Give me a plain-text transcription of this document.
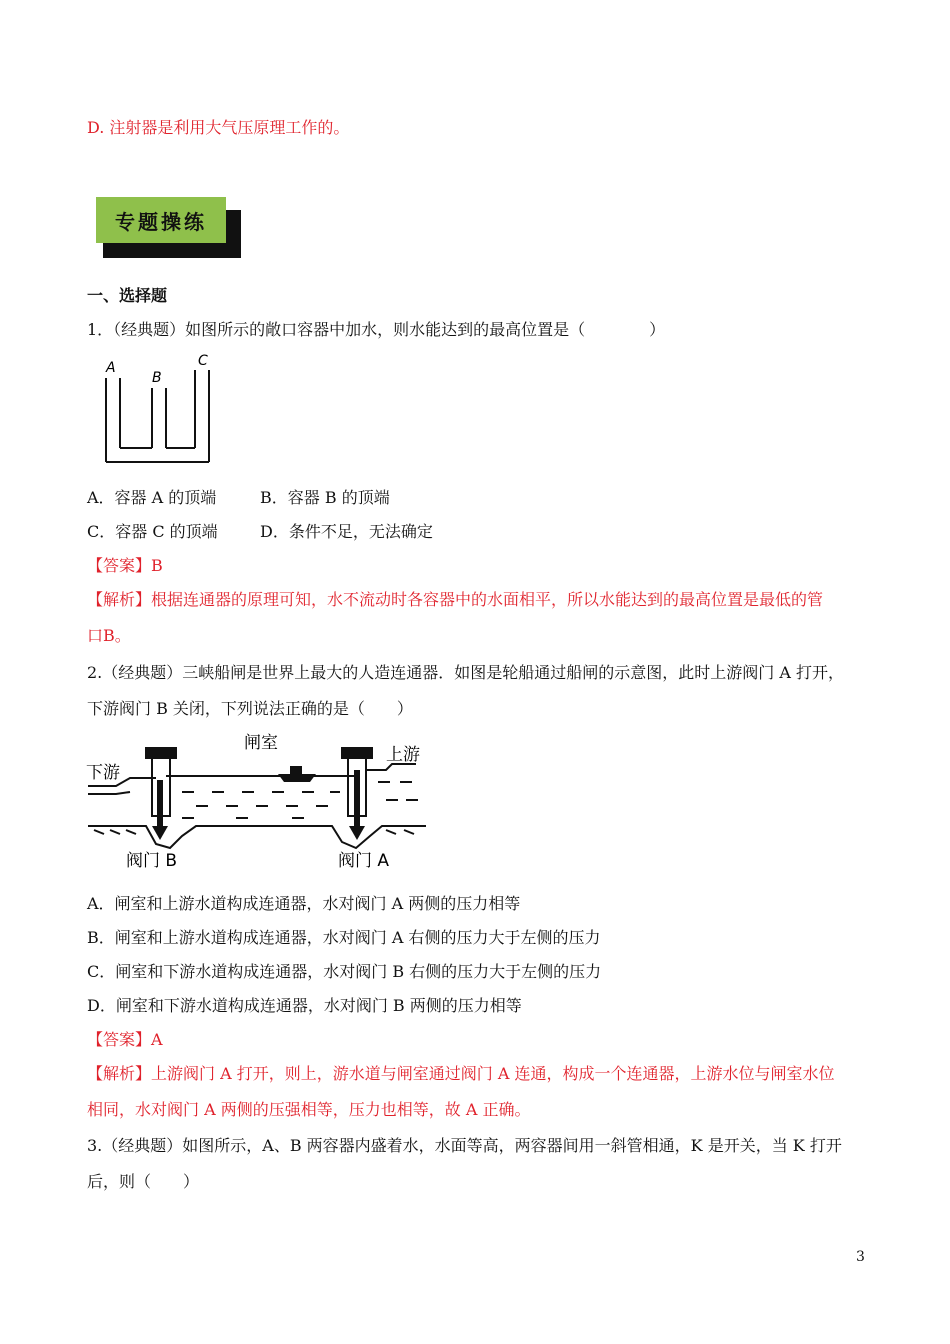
D. 注射器是利用大气压原理工作的。
专题操练
一、选择题
1．（经典题）如图所示的敞口容器中加水，则水能达到的最高位置是（　　　　）
A
B
C
A．容器 A 的顶端	B．容器 B 的顶端
C．容器 C 的顶端	D．条件不足，无法确定
【答案】B
【解析】根据连通器的原理可知，水不流动时各容器中的水面相平，所以水能达到的最高位置是最低的管
口B。
2.（经典题）三峡船闸是世界上最大的人造连通器．如图是轮船通过船闸的示意图，此时上游阀门 A 打开，
下游阀门 B 关闭，下列说法正确的是（　　）
闸室
下游
上游
阀门 B	阀门 A
A．闸室和上游水道构成连通器，水对阀门 A 两侧的压力相等
B．闸室和上游水道构成连通器，水对阀门 A 右侧的压力大于左侧的压力
C．闸室和下游水道构成连通器，水对阀门 B 右侧的压力大于左侧的压力
D．闸室和下游水道构成连通器，水对阀门 B 两侧的压力相等
【答案】A
【解析】上游阀门 A 打开，则上，游水道与闸室通过阀门 A 连通，构成一个连通器，上游水位与闸室水位
相同，水对阀门 A 两侧的压强相等，压力也相等，故 A 正确。
3.（经典题）如图所示，A、B 两容器内盛着水，水面等高，两容器间用一斜管相通，K 是开关，当 K 打开
后，则（　　）
3
